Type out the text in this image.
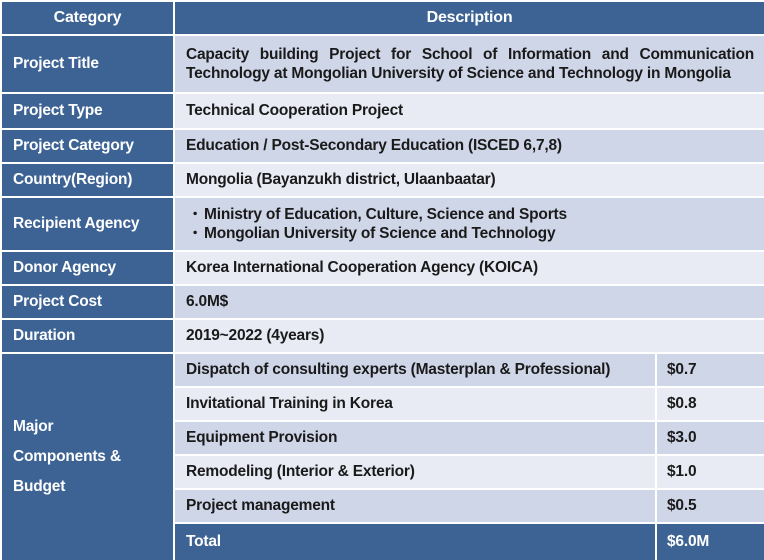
Category	Description	
Project Title	Capacity building Project for School of Information and Communication Technology at Mongolian University of Science and Technology in Mongolia	
Project Type	Technical Cooperation Project	
Project Category	Education / Post-Secondary Education (ISCED 6,7,8)	
Country(Region)	Mongolia (Bayanzukh district, Ulaanbaatar)	
Recipient Agency	・Ministry of Education, Culture, Science and Sports
・Mongolian University of Science and Technology	

Donor Agency	Korea International Cooperation Agency (KOICA)	
Project Cost	6.0M$	
Duration	2019~2022 (4years)	

Major
Components &
Budget	Dispatch of consulting experts (Masterplan & Professional)	$0.7
	Invitational Training in Korea	$0.8
	Equipment Provision	$3.0
	Remodeling (Interior & Exterior)	$1.0
	Project management	$0.5
	Total	$6.0M
